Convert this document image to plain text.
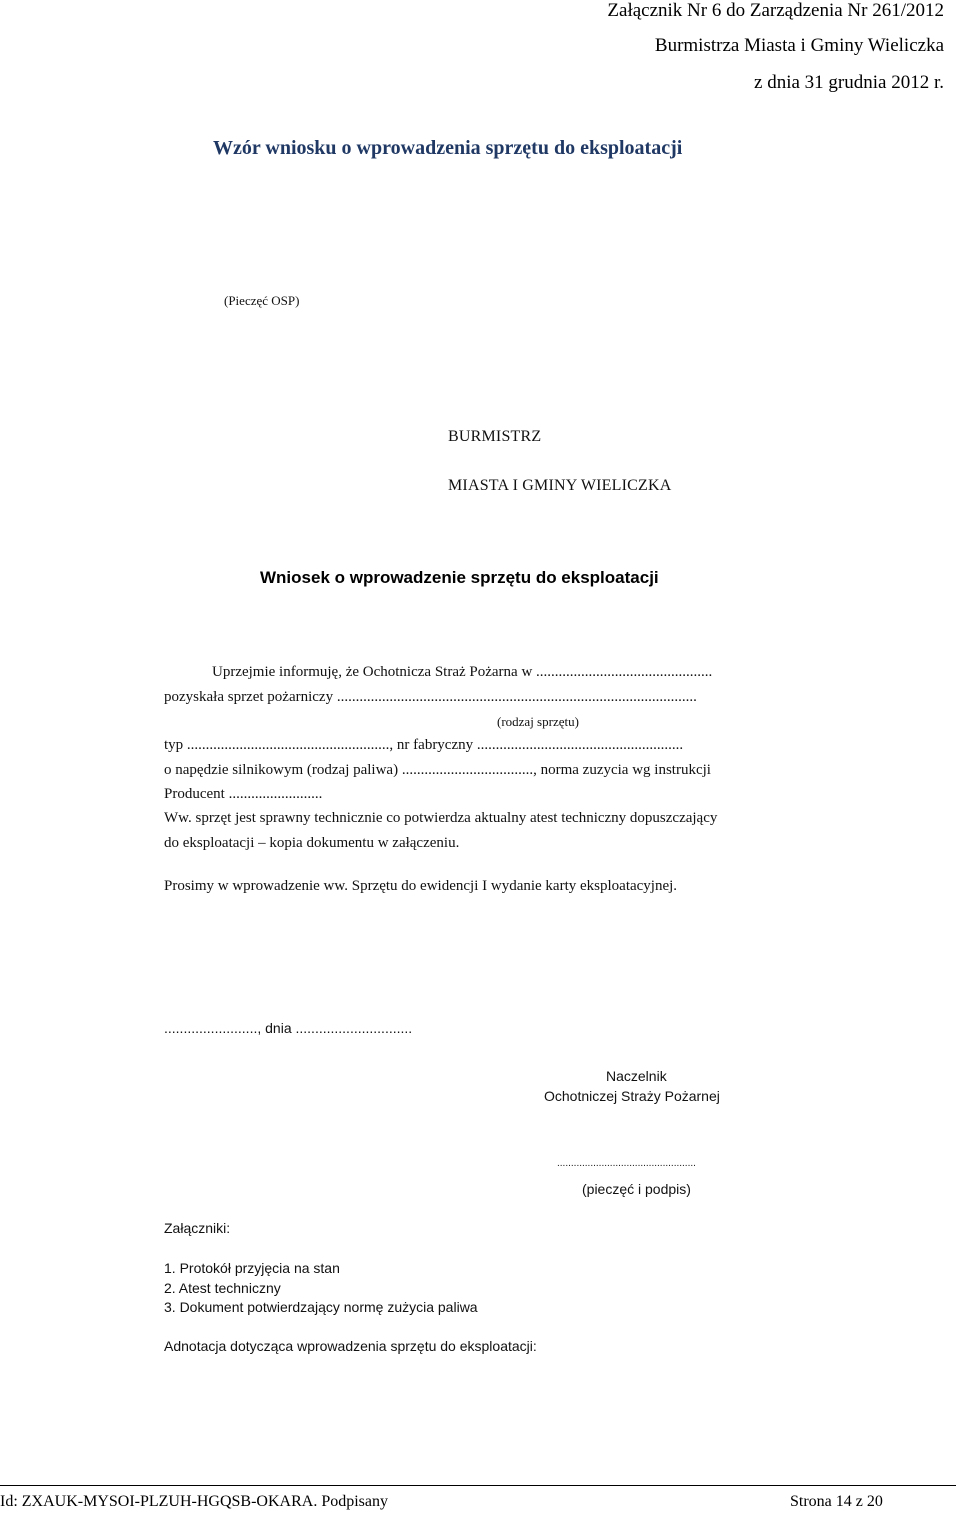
Załącznik Nr 6 do Zarządzenia Nr 261/2012
Burmistrza Miasta i Gminy Wieliczka
z dnia 31 grudnia 2012 r.
Wzór wniosku o wprowadzenia sprzętu do eksploatacji
(Pieczęć OSP)
BURMISTRZ
MIASTA I GMINY WIELICZKA
Wniosek o wprowadzenie sprzętu do eksploatacji
Uprzejmie informuję, że Ochotnicza Straż Pożarna w ...............................................
pozyskała sprzet pożarniczy ................................................................................................
(rodzaj sprzętu)
typ ......................................................, nr fabryczny .......................................................
o napędzie silnikowym (rodzaj paliwa) ..................................., norma zuzycia wg instrukcji
Producent .........................
Ww. sprzęt jest sprawny technicznie co potwierdza aktualny atest techniczny dopuszczający
do eksploatacji – kopia dokumentu w załączeniu.
Prosimy w wprowadzenie ww. Sprzętu do ewidencji I wydanie karty eksploatacyjnej.
........................, dnia ..............................
Naczelnik
Ochotniczej Straży Pożarnej
..................................................
(pieczęć i podpis)
Załączniki:
1. Protokół przyjęcia na stan
2. Atest techniczny
3. Dokument potwierdzający normę zużycia paliwa
Adnotacja dotycząca wprowadzenia sprzętu do eksploatacji:
Id: ZXAUK-MYSOI-PLZUH-HGQSB-OKARA. Podpisany	Strona 14 z 20
